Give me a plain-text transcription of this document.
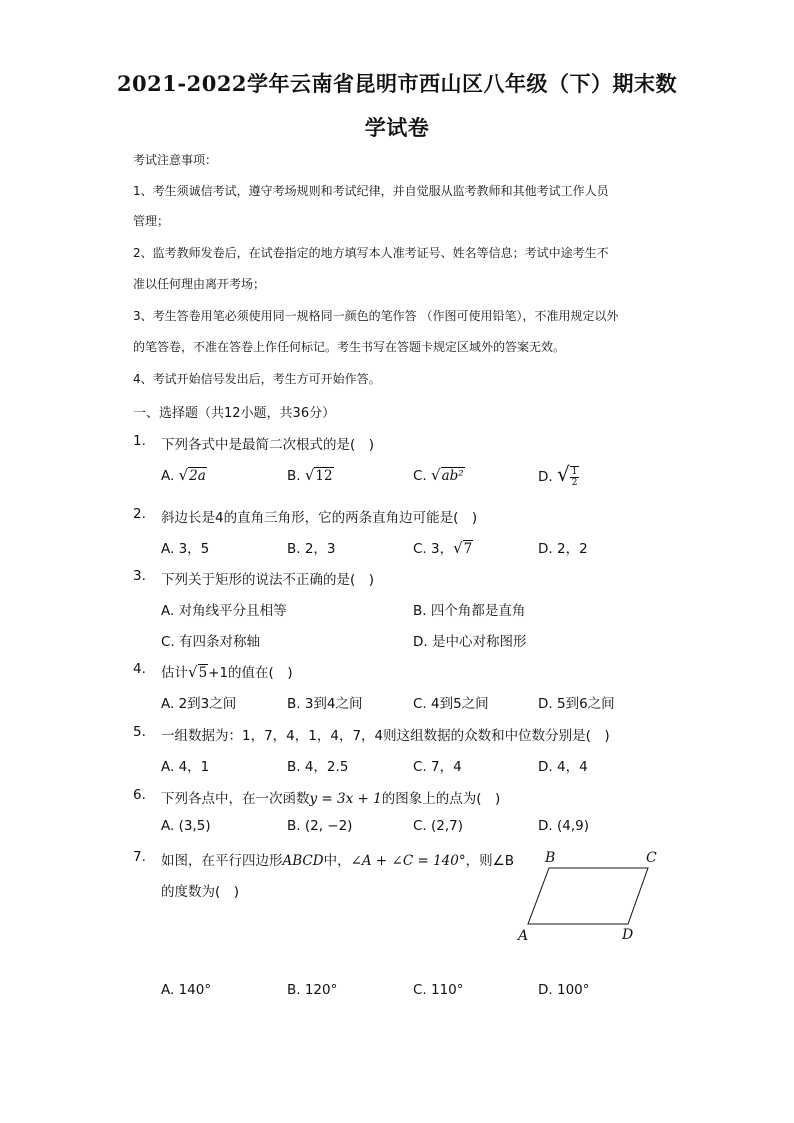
2021-2022学年云南省昆明市西山区八年级（下）期末数
学试卷
考试注意事项：
1、考生须诚信考试，遵守考场规则和考试纪律，并自觉服从监考教师和其他考试工作人员
管理；
2、监考教师发卷后，在试卷指定的地方填写本人准考证号、姓名等信息；考试中途考生不
准以任何理由离开考场；
3、考生答卷用笔必须使用同一规格同一颜色的笔作答 （作图可使用铅笔），不准用规定以外
的笔答卷，不准在答卷上作任何标记。考生书写在答题卡规定区域外的答案无效。
4、考试开始信号发出后，考生方可开始作答。
一、选择题（共12小题，共36分）
1. 下列各式中是最简二次根式的是(　)
A. √2a	B. √12	C. √ab²	D. √ $\frac{1}{2}$
2. 斜边长是4的直角三角形，它的两条直角边可能是(　)
A. 3，5	B. 2，3	C. 3，√7	D. 2，2
3. 下列关于矩形的说法不正确的是(　)
A. 对角线平分且相等	B. 四个角都是直角
C. 有四条对称轴	D. 是中心对称图形
4. 估计√5+1的值在(　)
A. 2到3之间	B. 3到4之间	C. 4到5之间	D. 5到6之间
5. 一组数据为：1，7，4，1，4，7，4则这组数据的众数和中位数分别是(　)
A. 4，1	B. 4，2.5	C. 7，4	D. 4，4
6. 下列各点中，在一次函数y = 3x + 1的图象上的点为(　)
A. (3,5)	B. (2, −2)	C. (2,7)	D. (4,9)
7. 如图，在平行四边形ABCD中，∠A + ∠C = 140°，则∠B
的度数为(　)
B	C
A	D
A. 140°	B. 120°	C. 110°	D. 100°
